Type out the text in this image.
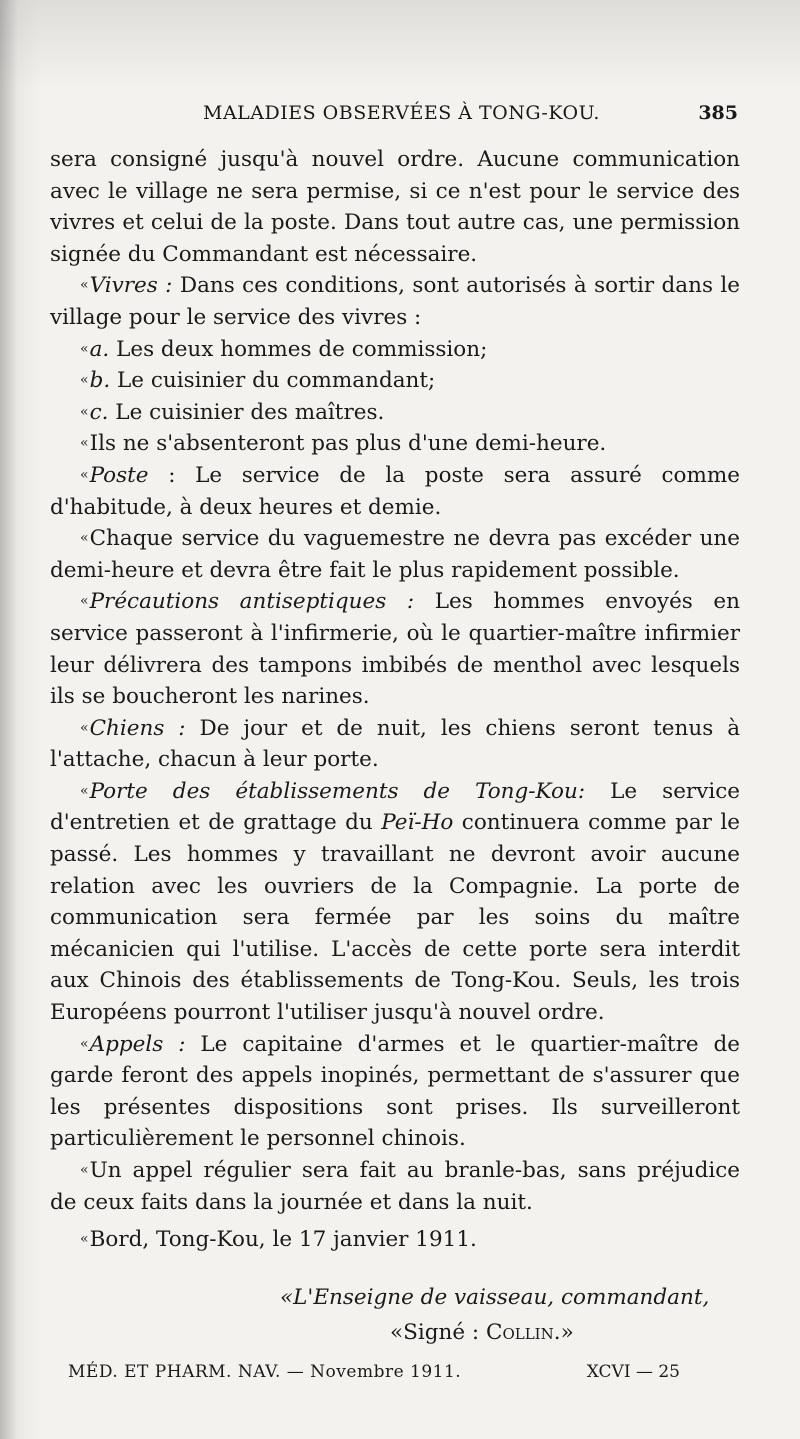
MALADIES OBSERVÉES À TONG-KOU.	385

sera consigné jusqu'à nouvel ordre. Aucune communication avec le village ne sera permise, si ce n'est pour le service des vivres et celui de la poste. Dans tout autre cas, une permission signée du Commandant est nécessaire.

«Vivres : Dans ces conditions, sont autorisés à sortir dans le village pour le service des vivres :

«a. Les deux hommes de commission;

«b. Le cuisinier du commandant;

«c. Le cuisinier des maîtres.

«Ils ne s'absenteront pas plus d'une demi-heure.

«Poste : Le service de la poste sera assuré comme d'habitude, à deux heures et demie.

«Chaque service du vaguemestre ne devra pas excéder une demi-heure et devra être fait le plus rapidement possible.

«Précautions antiseptiques : Les hommes envoyés en service passeront à l'infirmerie, où le quartier-maître infirmier leur délivrera des tampons imbibés de menthol avec lesquels ils se boucheront les narines.

«Chiens : De jour et de nuit, les chiens seront tenus à l'attache, chacun à leur porte.

«Porte des établissements de Tong-Kou: Le service d'entretien et de grattage du Peï-Ho continuera comme par le passé. Les hommes y travaillant ne devront avoir aucune relation avec les ouvriers de la Compagnie. La porte de communication sera fermée par les soins du maître mécanicien qui l'utilise. L'accès de cette porte sera interdit aux Chinois des établissements de Tong-Kou. Seuls, les trois Européens pourront l'utiliser jusqu'à nouvel ordre.

«Appels : Le capitaine d'armes et le quartier-maître de garde feront des appels inopinés, permettant de s'assurer que les présentes dispositions sont prises. Ils surveilleront particulièrement le personnel chinois.

«Un appel régulier sera fait au branle-bas, sans préjudice de ceux faits dans la journée et dans la nuit.

«Bord, Tong-Kou, le 17 janvier 1911.

«L'Enseigne de vaisseau, commandant,
«Signé : Collin.»
MÉD. ET PHARM. NAV. — Novembre 1911.	XCVI — 25
